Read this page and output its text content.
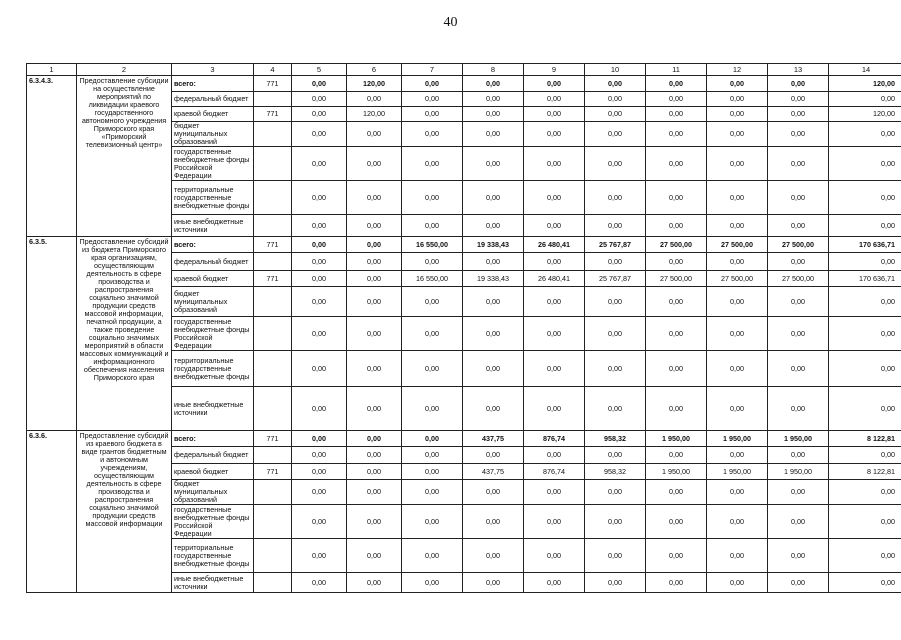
40
1	2	3	4	5	6	7	8	9	10	11	12	13	14
6.3.4.3.	Предоставление субсидии на осуществление мероприятий по ликвидации краевого государственного автономного учреждения Приморского края «Приморский телевизионный центр»	всего:	771	0,00	120,00	0,00	0,00	0,00	0,00	0,00	0,00	0,00	120,00
		федеральный бюджет		0,00	0,00	0,00	0,00	0,00	0,00	0,00	0,00	0,00	0,00
		краевой бюджет	771	0,00	120,00	0,00	0,00	0,00	0,00	0,00	0,00	0,00	120,00
		бюджет муниципальных образований		0,00	0,00	0,00	0,00	0,00	0,00	0,00	0,00	0,00	0,00
		государственные внебюджетные фонды Российской Федерации		0,00	0,00	0,00	0,00	0,00	0,00	0,00	0,00	0,00	0,00
		территориальные государственные внебюджетные фонды		0,00	0,00	0,00	0,00	0,00	0,00	0,00	0,00	0,00	0,00
		иные внебюджетные источники		0,00	0,00	0,00	0,00	0,00	0,00	0,00	0,00	0,00	0,00
6.3.5.	Предоставление субсидий из бюджета Приморского края организациям, осуществляющим деятельность в сфере производства и распространения социально значимой продукции средств массовой информации, печатной продукции, а также проведение социально значимых мероприятий в области массовых коммуникаций и информационного обеспечения населения Приморского края	всего:	771	0,00	0,00	16 550,00	19 338,43	26 480,41	25 767,87	27 500,00	27 500,00	27 500,00	170 636,71
		федеральный бюджет		0,00	0,00	0,00	0,00	0,00	0,00	0,00	0,00	0,00	0,00
		краевой бюджет	771	0,00	0,00	16 550,00	19 338,43	26 480,41	25 767,87	27 500,00	27 500,00	27 500,00	170 636,71
		бюджет муниципальных образований		0,00	0,00	0,00	0,00	0,00	0,00	0,00	0,00	0,00	0,00
		государственные внебюджетные фонды Российской Федерации		0,00	0,00	0,00	0,00	0,00	0,00	0,00	0,00	0,00	0,00
		территориальные государственные внебюджетные фонды		0,00	0,00	0,00	0,00	0,00	0,00	0,00	0,00	0,00	0,00
		иные внебюджетные источники		0,00	0,00	0,00	0,00	0,00	0,00	0,00	0,00	0,00	0,00
6.3.6.	Предоставление субсидий из краевого бюджета в виде грантов бюджетным и автономным учреждениям, осуществляющим деятельность в сфере производства и распространения социально значимой продукции средств массовой информации	всего:	771	0,00	0,00	0,00	437,75	876,74	958,32	1 950,00	1 950,00	1 950,00	8 122,81
		федеральный бюджет		0,00	0,00	0,00	0,00	0,00	0,00	0,00	0,00	0,00	0,00
		краевой бюджет	771	0,00	0,00	0,00	437,75	876,74	958,32	1 950,00	1 950,00	1 950,00	8 122,81
		бюджет муниципальных образований		0,00	0,00	0,00	0,00	0,00	0,00	0,00	0,00	0,00	0,00
		государственные внебюджетные фонды Российской Федерации		0,00	0,00	0,00	0,00	0,00	0,00	0,00	0,00	0,00	0,00
		территориальные государственные внебюджетные фонды		0,00	0,00	0,00	0,00	0,00	0,00	0,00	0,00	0,00	0,00
		иные внебюджетные источники		0,00	0,00	0,00	0,00	0,00	0,00	0,00	0,00	0,00	0,00
